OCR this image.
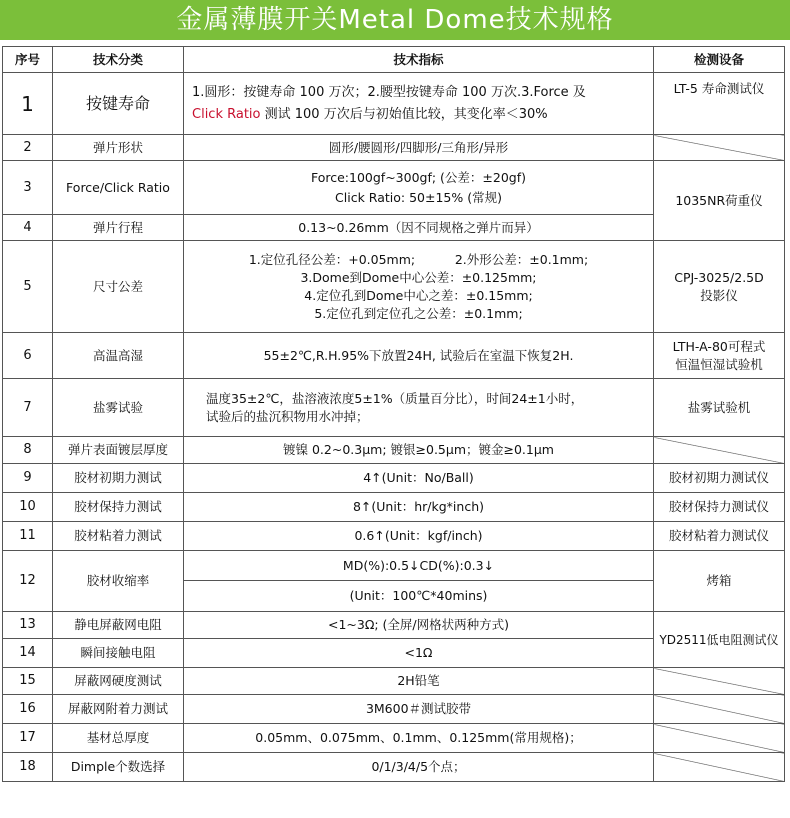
金属薄膜开关Metal Dome技术规格
序号	技术分类	技术指标	检测设备
1	按键寿命	1.圆形：按键寿命 100 万次；2.腰型按键寿命 100 万次.3.Force 及
Click Ratio 测试 100 万次后与初始值比较，其变化率＜30%	LT-5 寿命测试仪
2	弹片形状	圆形/腰圆形/四脚形/三角形/异形	
3	Force/Click Ratio	Force:100gf~300gf; (公差：±20gf)
Click Ratio: 50±15% (常规)	1035NR荷重仪
4	弹片行程	0.13~0.26mm（因不同规格之弹片而异）	
5	尺寸公差	1.定位孔径公差：+0.05mm; 2.外形公差：±0.1mm;
3.Dome到Dome中心公差：±0.125mm;
4.定位孔到Dome中心之差：±0.15mm;
5.定位孔到定位孔之公差：±0.1mm;	CPJ-3025/2.5D
投影仪

6	高温高湿	55±2℃,R.H.95%下放置24H, 试验后在室温下恢复2H.	LTH-A-80可程式
恒温恒湿试验机

7	盐雾试验	温度35±2℃，盐溶液浓度5±1%（质量百分比），时间24±1小时，
试验后的盐沉积物用水冲掉；	盐雾试验机
8	弹片表面镀层厚度	镀镍 0.2~0.3μm; 镀银≥0.5μm；镀金≥0.1μm	
9	胶材初期力测试	4↑(Unit：No/Ball)	胶材初期力测试仪
10	胶材保持力测试	8↑(Unit：hr/kg*inch)	胶材保持力测试仪
11	胶材粘着力测试	0.6↑(Unit：kgf/inch)	胶材粘着力测试仪
12	胶材收缩率	MD(%):0.5↓CD(%):0.3↓
(Unit：100℃*40mins)	烤箱
13	静电屏蔽网电阻	<1~3Ω; (全屏/网格状两种方式)	YD2511低电阻测试仪
14	瞬间接触电阻	<1Ω	
15	屏蔽网硬度测试	2H铅笔	
16	屏蔽网附着力测试	3M600＃测试胶带	
17	基材总厚度	0.05mm、0.075mm、0.1mm、0.125mm(常用规格)；	
18	Dimple个数选择	0/1/3/4/5个点；	
